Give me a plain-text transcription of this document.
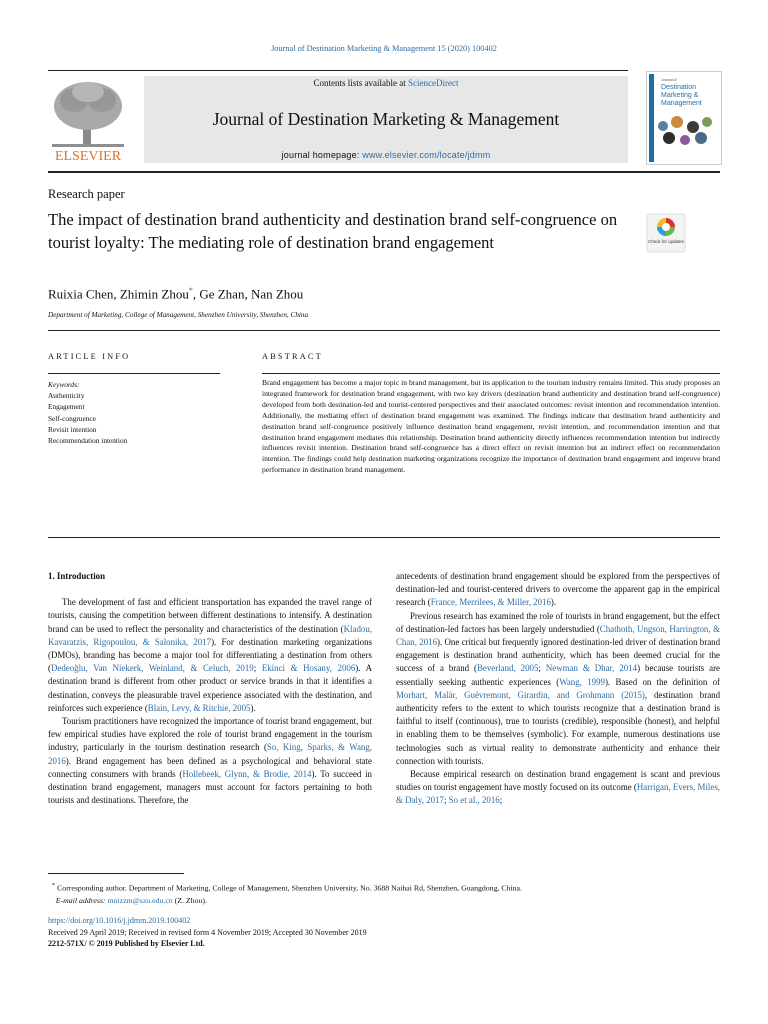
Journal of Destination Marketing & Management 15 (2020) 100402
ELSEVIER
Contents lists available at ScienceDirect
Journal of Destination Marketing & Management
journal homepage: www.elsevier.com/locate/jdmm
Journal of
Destination
Marketing &
Management
Research paper
The impact of destination brand authenticity and destination brand self-congruence on tourist loyalty: The mediating role of destination brand engagement	Check for updates
Ruixia Chen, Zhimin Zhou*, Ge Zhan, Nan Zhou
Department of Marketing, College of Management, Shenzhen University, Shenzhen, China
ARTICLE INFO	ABSTRACT
Keywords:
Authenticity
Engagement
Self-congruence
Revisit intention
Recommendation intention
Brand engagement has become a major topic in brand management, but its application to the tourism industry remains limited. This study proposes an integrated framework for destination brand engagement, with two key drivers (destination brand authenticity and destination brand self-congruence) developed from both destination-led and tourist-centered perspectives and their associated outcomes: revisit intention and recommendation intention. Additionally, the mediating effect of destination brand engagement was examined. The findings indicate that destination brand authenticity and destination brand self-congruence positively influence destination brand engagement, revisit intention, and recommendation intention and that destination brand engagement mediates this relationship. Destination brand authenticity directly influences recommendation intention but indirectly influences revisit intention. Destination brand self-congruence has a direct effect on revisit intention but an indirect effect on recommendation intention. The findings could help destination marketing organizations recognize the importance of destination brand engagement and improve brand performance in destination brand management.
1. Introduction

The development of fast and efficient transportation has expanded the travel range of tourists, causing the competition between different destinations to intensify. A destination brand can be used to reflect the personality and characteristics of the destination (Kladou, Kavaratzis, Rigopoulou, & Salonika, 2017). For destination marketing organizations (DMOs), branding has become a major tool for differentiating a destination from others (Dedeoğlu, Van Niekerk, Weinland, & Celuch, 2019; Ekinci & Hosany, 2006). A destination brand is different from other product or service brands in that it identifies a destination, conveys the pleasurable travel experience associated with the destination, and reinforces such experience (Blain, Levy, & Ritchie, 2005).

Tourism practitioners have recognized the importance of tourist brand engagement, but few empirical studies have explored the role of tourist brand engagement in the tourism industry, particularly in the tourism destination research (So, King, Sparks, & Wang, 2016). Brand engagement has been defined as a psychological and behavioral state connecting consumers with brands (Hollebeek, Glynn, & Brodie, 2014). To succeed in destination brand engagement, managers must account for factors pertaining to both tourists and destinations. Therefore, the

antecedents of destination brand engagement should be explored from the perspectives of destination-led and tourist-centered drivers to overcome the apparent gap in the empirical research (France, Merrilees, & Miller, 2016).

Previous research has examined the role of tourists in brand engagement, but the effect of destination-led factors has been largely understudied (Chathoth, Ungson, Harrington, & Chan, 2016). One critical but frequently ignored destination-led driver of destination brand engagement is destination brand authenticity, which has been deemed crucial for the success of a brand (Beverland, 2005; Newman & Dhar, 2014) because tourists are essentially seeking authentic experiences (Wang, 1999). Based on the definition of Morhart, Malär, Guèvremont, Girardin, and Grohmann (2015), destination brand authenticity refers to the extent to which tourists recognize that a destination brand is faithful to itself (continuous), true to tourists (credible), responsible (honest), and helpful in enabling them to be themselves (symbolic). For example, numerous destinations use technologies such as virtual reality to demonstrate authenticity and enhance their connection with tourists.

Because empirical research on destination brand engagement is scant and previous studies on tourist engagement have mostly focused on its outcome (Harrigan, Evers, Miles, & Daly, 2017; So et al., 2016;

* Corresponding author. Department of Marketing, College of Management, Shenzhen University, No. 3688 Naihai Rd, Shenzhen, Guangdong, China.
E-mail address: mnizzm@szu.edu.cn (Z. Zhou).
https://doi.org/10.1016/j.jdmm.2019.100402
Received 29 April 2019; Received in revised form 4 November 2019; Accepted 30 November 2019
2212-571X/ © 2019 Published by Elsevier Ltd.
